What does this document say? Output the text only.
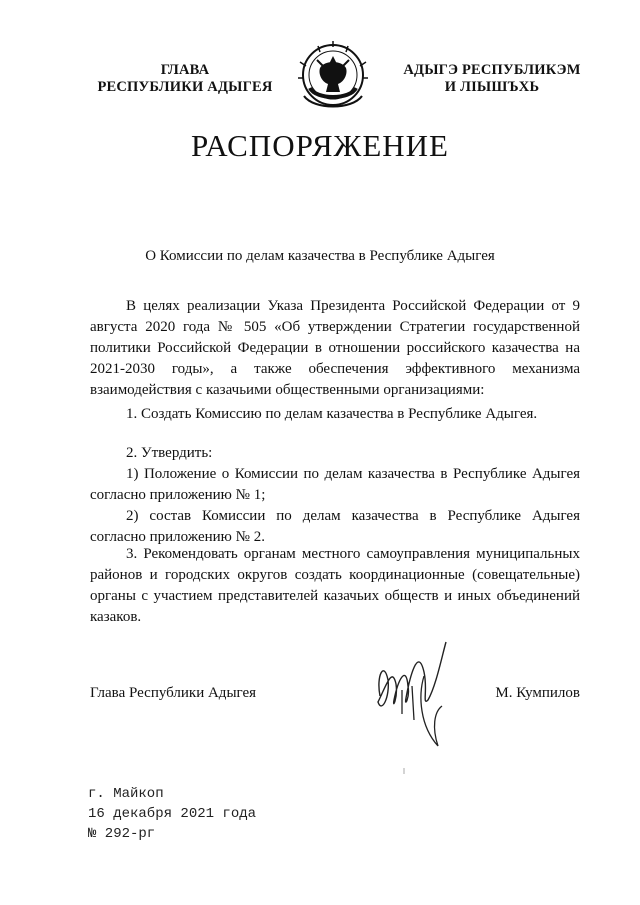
ГЛАВА
РЕСПУБЛИКИ АДЫГЕЯ
АДЫГЭ РЕСПУБЛИКЭМ
И ЛІЫШЪХЬ
РАСПОРЯЖЕНИЕ
О Комиссии по делам казачества в Республике Адыгея

В целях реализации Указа Президента Российской Федерации от 9 августа 2020 года № 505 «Об утверждении Стратегии государственной политики Российской Федерации в отношении российского казачества на 2021-2030 годы», а также обеспечения эффективного механизма взаимодействия с казачьими общественными организациями:

1. Создать Комиссию по делам казачества в Республике Адыгея.

2. Утвердить:

1) Положение о Комиссии по делам казачества в Республике Адыгея согласно приложению № 1;

2) состав Комиссии по делам казачества в Республике Адыгея согласно приложению № 2.

3. Рекомендовать органам местного самоуправления муниципальных районов и городских округов создать координационные (совещательные) органы с участием представителей казачьих обществ и иных объединений казаков.

Глава Республики Адыгея	М. Кумпилов
г. Майкоп
16 декабря 2021 года
№ 292-рг
